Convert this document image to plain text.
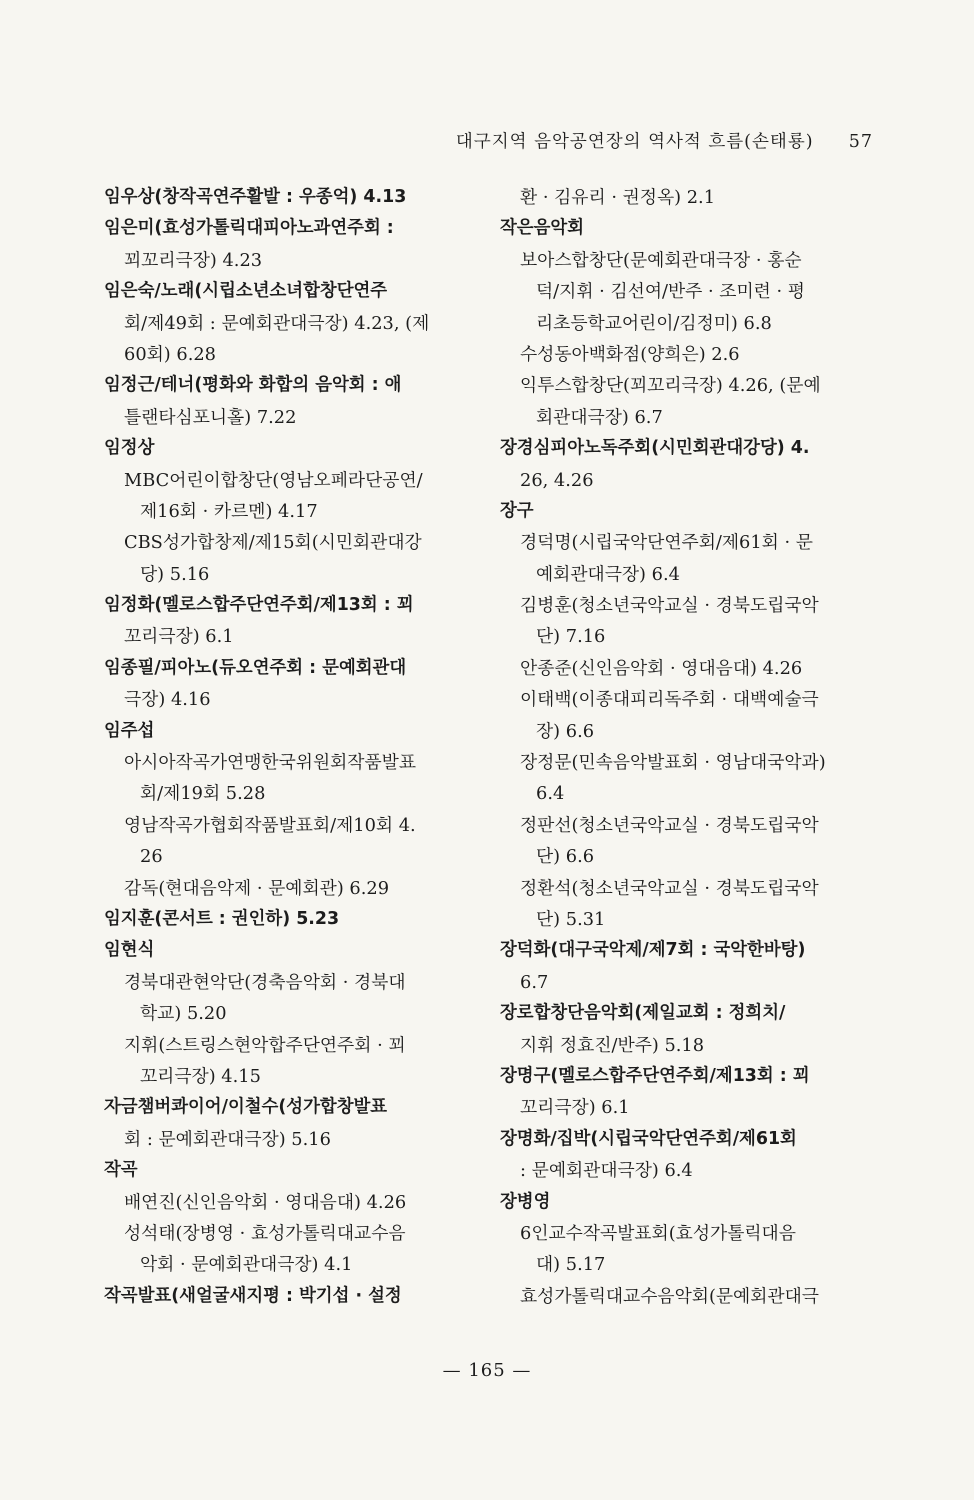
대구지역 음악공연장의 역사적 흐름(손태룡) 57
임우상(창작곡연주활발 : 우종억) 4.13
임은미(효성가톨릭대피아노과연주회 :
꾀꼬리극장) 4.23
임은숙/노래(시립소년소녀합창단연주
회/제49회 : 문예회관대극장) 4.23, (제
60회) 6.28
임정근/테너(평화와 화합의 음악회 : 애
틀랜타심포니홀) 7.22
임정상
MBC어린이합창단(영남오페라단공연/
제16회 · 카르멘) 4.17
CBS성가합창제/제15회(시민회관대강
당) 5.16
임정화(멜로스합주단연주회/제13회 : 꾀
꼬리극장) 6.1
임종필/피아노(듀오연주회 : 문예회관대
극장) 4.16
임주섭
아시아작곡가연맹한국위원회작품발표
회/제19회 5.28
영남작곡가협회작품발표회/제10회 4.
26
감독(현대음악제 · 문예회관) 6.29
임지훈(콘서트 : 권인하) 5.23
임현식
경북대관현악단(경축음악회 · 경북대
학교) 5.20
지휘(스트링스현악합주단연주회 · 꾀
꼬리극장) 4.15
자금챔버콰이어/이철수(성가합창발표
회 : 문예회관대극장) 5.16
작곡
배연진(신인음악회 · 영대음대) 4.26
성석태(장병영 · 효성가톨릭대교수음
악회 · 문예회관대극장) 4.1
작곡발표(새얼굴새지평 : 박기섭 · 설정
환 · 김유리 · 권정옥) 2.1
작은음악회
보아스합창단(문예회관대극장 · 홍순
덕/지휘 · 김선여/반주 · 조미련 · 평
리초등학교어린이/김정미) 6.8
수성동아백화점(양희은) 2.6
익투스합창단(꾀꼬리극장) 4.26, (문예
회관대극장) 6.7
장경심피아노독주회(시민회관대강당) 4.
26, 4.26
장구
경덕명(시립국악단연주회/제61회 · 문
예회관대극장) 6.4
김병훈(청소년국악교실 · 경북도립국악
단) 7.16
안종준(신인음악회 · 영대음대) 4.26
이태백(이종대피리독주회 · 대백예술극
장) 6.6
장정문(민속음악발표회 · 영남대국악과)
6.4
정판선(청소년국악교실 · 경북도립국악
단) 6.6
정환석(청소년국악교실 · 경북도립국악
단) 5.31
장덕화(대구국악제/제7회 : 국악한바탕)
6.7
장로합창단음악회(제일교회 : 정희치/
지휘 정효진/반주) 5.18
장명구(멜로스합주단연주회/제13회 : 꾀
꼬리극장) 6.1
장명화/집박(시립국악단연주회/제61회
: 문예회관대극장) 6.4
장병영
6인교수작곡발표회(효성가톨릭대음
대) 5.17
효성가톨릭대교수음악회(문예회관대극
— 165 —
